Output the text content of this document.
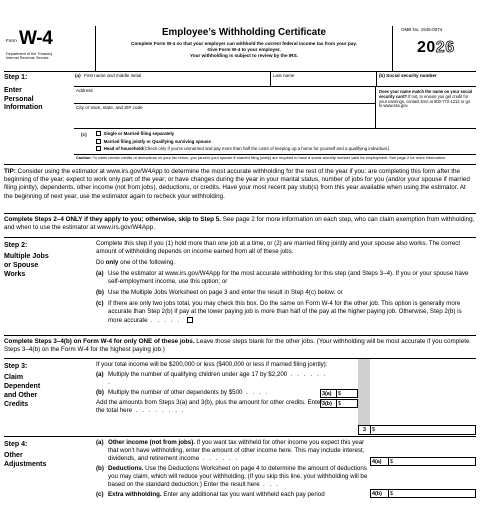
Form W-4
Department of the Treasury
Internal Revenue Service
Employee’s Withholding Certificate
Complete Form W-4 so that your employer can withhold the correct federal income tax from your pay.
Give Form W-4 to your employer.
Your withholding is subject to review by the IRS.
OMB No. 1545-0074
2026
Step 1:
Enter
Personal
Information
(a) First name and middle initial	Last name	(b) Social security number
Address
City or town, state, and ZIP code
Does your name match the name on your social security card? If not, to ensure you get credit for your earnings, contact SSA at 800-772-1213 or go to www.ssa.gov.
(c)	Single or Married filing separately
Married filing jointly or Qualifying surviving spouse
Head of household (Check only if you’re unmarried and pay more than half the costs of keeping up a home for yourself and a qualifying individual.)
Caution: To claim certain credits or deductions on your tax return, you (and/or your spouse if married filing jointly) are required to have a social security number valid for employment. See page 2 for more information.
TIP: Consider using the estimator at www.irs.gov/W4App to determine the most accurate withholding for the rest of the year if you: are completing this form after the beginning of the year; expect to work only part of the year; or have changes during the year in your marital status, number of jobs for you (and/or your spouse if married filing jointly), dependents, other income (not from jobs), deductions, or credits. Have your most recent pay stub(s) from this year available when using the estimator. At the beginning of next year, use the estimator again to recheck your withholding.
Complete Steps 2–4 ONLY if they apply to you; otherwise, skip to Step 5. See page 2 for more information on each step, who can claim exemption from withholding, and when to use the estimator at www.irs.gov/W4App.
Step 2:
Multiple Jobs
or Spouse
Works

Complete this step if you (1) hold more than one job at a time, or (2) are married filing jointly and your spouse also works. The correct amount of withholding depends on income earned from all of these jobs.

Do only one of the following.

(a) Use the estimator at www.irs.gov/W4App for the most accurate withholding for this step (and Steps 3–4). If you or your spouse have self-employment income, use this option; or
(b) Use the Multiple Jobs Worksheet on page 3 and enter the result in Step 4(c) below; or
(c) If there are only two jobs total, you may check this box. Do the same on Form W-4 for the other job. This option is generally more accurate than Step 2(b) if pay at the lower paying job is more than half of the pay at the higher paying job. Otherwise, Step 2(b) is more accurate . . . . .
Complete Steps 3–4(b) on Form W-4 for only ONE of these jobs. Leave those steps blank for the other jobs. (Your withholding will be most accurate if you complete Steps 3–4(b) on the Form W-4 for the highest paying job.)
Step 3:
Claim
Dependent
and Other
Credits
If your total income will be $200,000 or less ($400,000 or less if married filing jointly):
(a) Multiply the number of qualifying children under age 17 by $2,200 . . . . . . .
(b) Multiply the number of other dependents by $500 . . . .
Add the amounts from Steps 3(a) and 3(b), plus the amount for other credits. Enter the total here . . . . . . . .
3(a)	$
3(b)	$
3	$
Step 4:
Other
Adjustments
(a) Other income (not from jobs). If you want tax withheld for other income you expect this year that won’t have withholding, enter the amount of other income here. This may include interest, dividends, and retirement income . . . . . .
(b) Deductions. Use the Deductions Worksheet on page 4 to determine the amount of deductions you may claim, which will reduce your withholding. (If you skip this line, your withholding will be based on the standard deduction.) Enter the result here . . .
(c) Extra withholding. Enter any additional tax you want withheld each pay period
4(a)	$
4(b)	$
